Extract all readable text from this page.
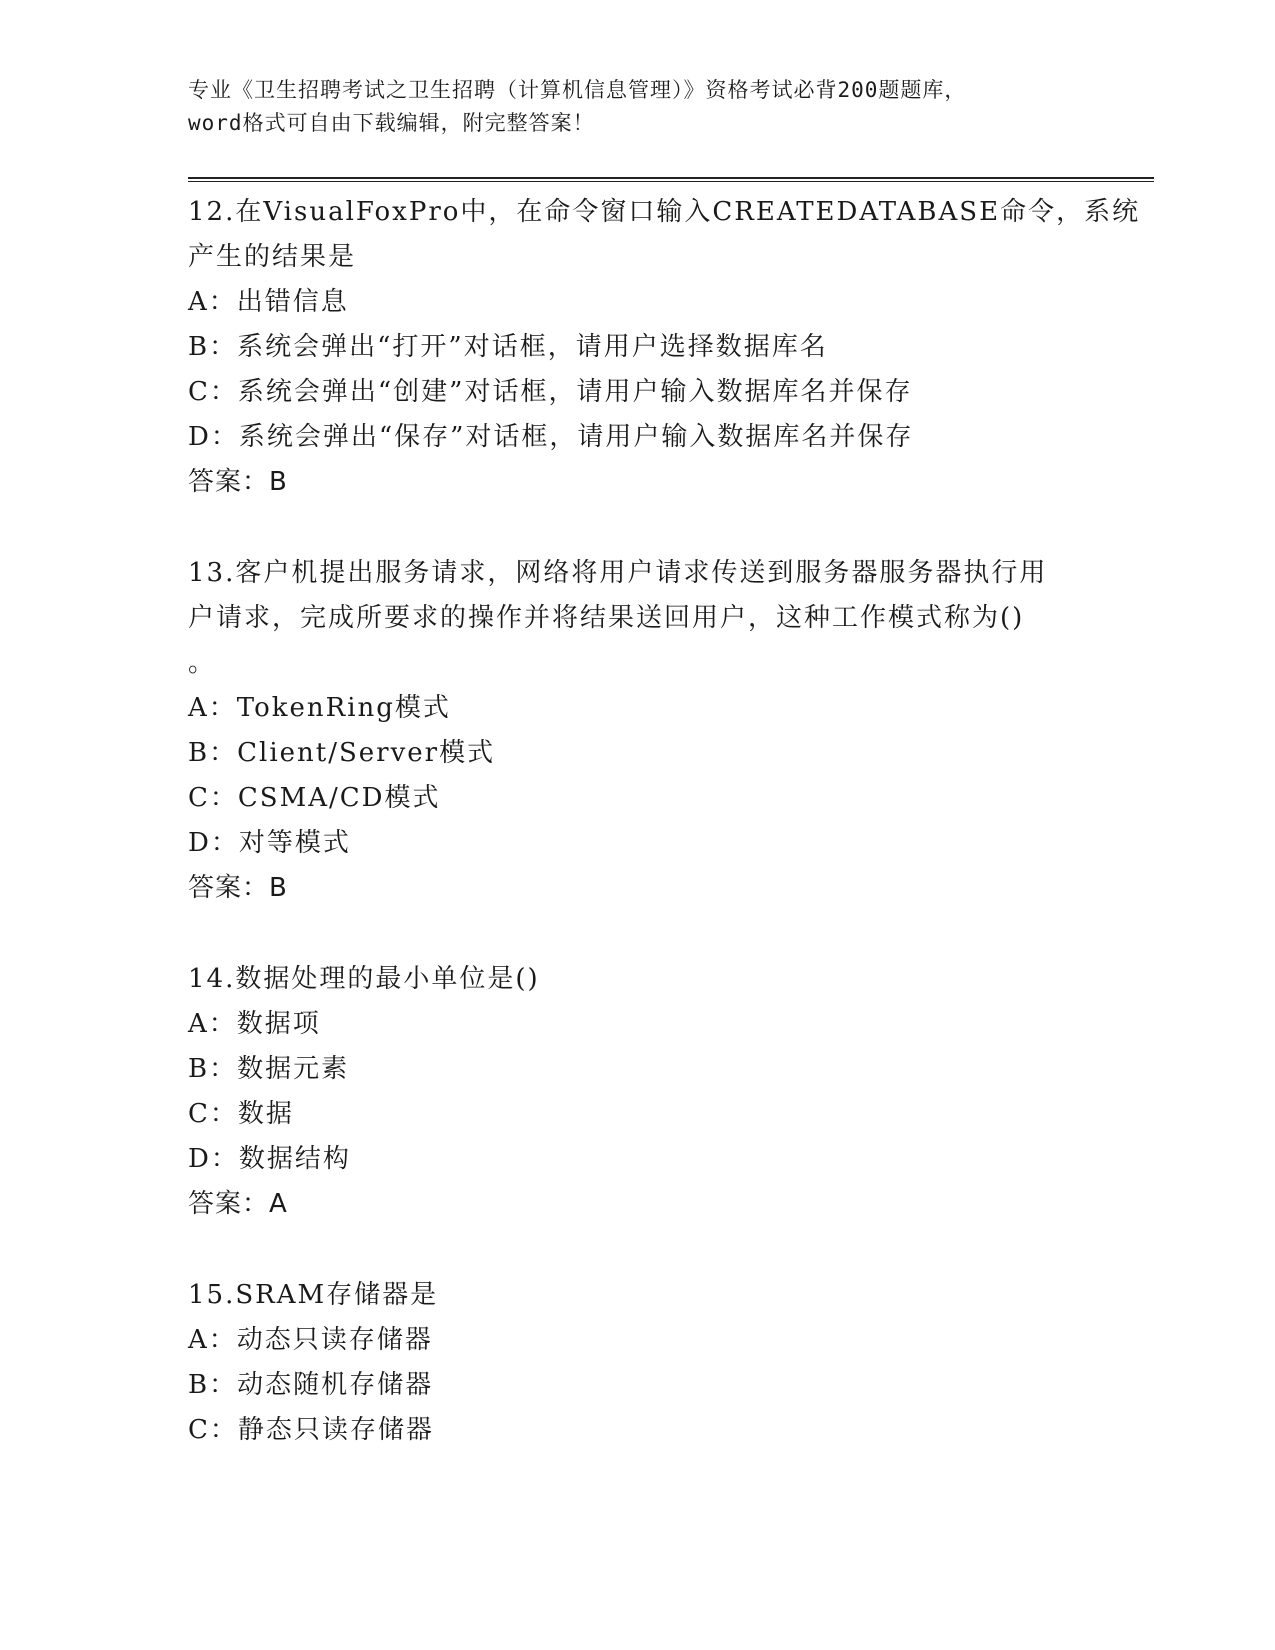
专业《卫生招聘考试之卫生招聘（计算机信息管理）》资格考试必背200题题库，
word格式可自由下载编辑，附完整答案！
12.在VisualFoxPro中，在命令窗口输入CREATEDATABASE命令，系统
产生的结果是
A：出错信息
B：系统会弹出“打开”对话框，请用户选择数据库名
C：系统会弹出“创建”对话框，请用户输入数据库名并保存
D：系统会弹出“保存”对话框，请用户输入数据库名并保存
答案：B
13.客户机提出服务请求，网络将用户请求传送到服务器服务器执行用
户请求，完成所要求的操作并将结果送回用户，这种工作模式称为()
。
A：TokenRing模式
B：Client/Server模式
C：CSMA/CD模式
D：对等模式
答案：B
14.数据处理的最小单位是()
A：数据项
B：数据元素
C：数据
D：数据结构
答案：A
15.SRAM存储器是
A：动态只读存储器
B：动态随机存储器
C：静态只读存储器
